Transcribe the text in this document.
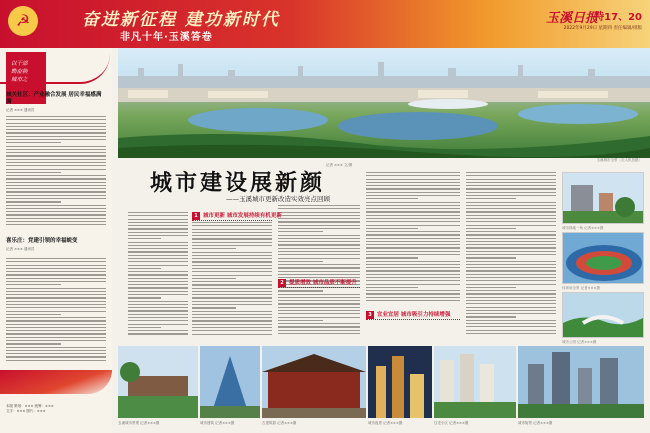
☭	奋进新征程 建功新时代
非凡十年·玉溪答卷
玉溪日报
特17、20
2022年9月29日 星期四 责任编辑/排版
以干部
勤奋换
城市之
城关社区：产业融合发展 居民幸福感满满
记者 ××× 通讯员
喜乐庄：党建引领的幸福蜕变
记者 ××× 通讯员
本版 策划：××× 统筹：×××
文字：××× 图片：×××
玉溪城市全景（无人机拍摄）
记者 ××× 文/图
城市建设展新颜
——玉溪城市更新改造实效亮点回顾
1 城市更新 城市发展持续有机更新
2 提质增效 城市品质不断提升
3 宜业宜居 城市吸引力持续增强
城市绿地一角 记者×××摄
体育场全景 记者×××摄
城市公园 记者×××摄
玉溪城市景观 记者×××摄	城市建筑 记者×××摄	古建筑群 记者×××摄	城市夜景 记者×××摄	住宅小区 记者×××摄	城市街景 记者×××摄
